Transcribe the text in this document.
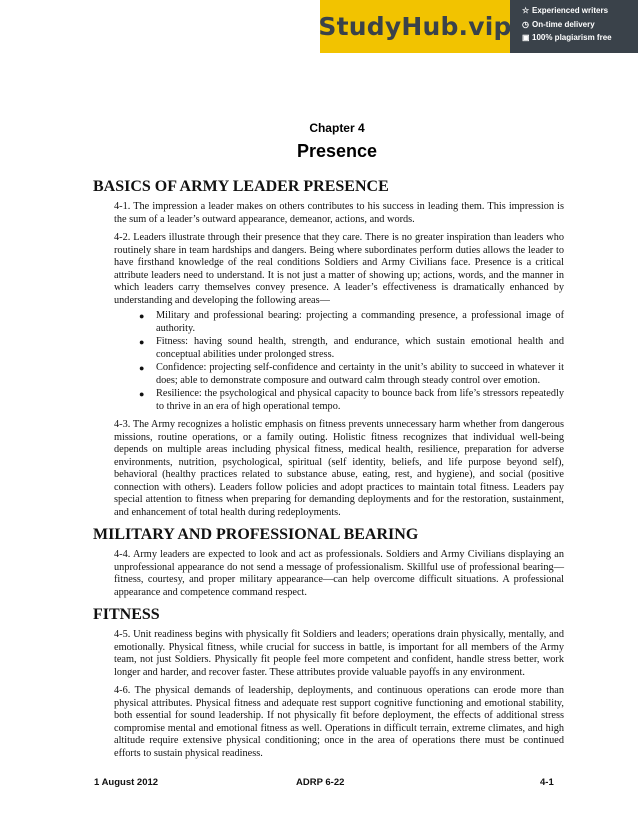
StudyHub.vip
☆ Experienced writers
◷ On-time delivery
▣ 100% plagiarism free
Chapter 4
Presence
BASICS OF ARMY LEADER PRESENCE

4-1. The impression a leader makes on others contributes to his success in leading them. This impression is the sum of a leader’s outward appearance, demeanor, actions, and words.

4-2. Leaders illustrate through their presence that they care. There is no greater inspiration than leaders who routinely share in team hardships and dangers. Being where subordinates perform duties allows the leader to have firsthand knowledge of the real conditions Soldiers and Army Civilians face. Presence is a critical attribute leaders need to understand. It is not just a matter of showing up; actions, words, and the manner in which leaders carry themselves convey presence. A leader’s effectiveness is dramatically enhanced by understanding and developing the following areas—

● Military and professional bearing: projecting a commanding presence, a professional image of authority.
● Fitness: having sound health, strength, and endurance, which sustain emotional health and conceptual abilities under prolonged stress.
● Confidence: projecting self-confidence and certainty in the unit’s ability to succeed in whatever it does; able to demonstrate composure and outward calm through steady control over emotion.
● Resilience: the psychological and physical capacity to bounce back from life’s stressors repeatedly to thrive in an era of high operational tempo.

4-3. The Army recognizes a holistic emphasis on fitness prevents unnecessary harm whether from dangerous missions, routine operations, or a family outing. Holistic fitness recognizes that individual well-being depends on multiple areas including physical fitness, medical health, resilience, preparation for adverse environments, nutrition, psychological, spiritual (self identity, beliefs, and life purpose beyond self), behavioral (healthy practices related to substance abuse, eating, rest, and hygiene), and social (positive connection with others). Leaders follow policies and adopt practices to maintain total fitness. Leaders pay special attention to fitness when preparing for demanding deployments and for the restoration, sustainment, and enhancement of total health during redeployments.

MILITARY AND PROFESSIONAL BEARING

4-4. Army leaders are expected to look and act as professionals. Soldiers and Army Civilians displaying an unprofessional appearance do not send a message of professionalism. Skillful use of professional bearing—fitness, courtesy, and proper military appearance—can help overcome difficult situations. A professional appearance and competence command respect.

FITNESS

4-5. Unit readiness begins with physically fit Soldiers and leaders; operations drain physically, mentally, and emotionally. Physical fitness, while crucial for success in battle, is important for all members of the Army team, not just Soldiers. Physically fit people feel more competent and confident, handle stress better, work longer and harder, and recover faster. These attributes provide valuable payoffs in any environment.

4-6. The physical demands of leadership, deployments, and continuous operations can erode more than physical attributes. Physical fitness and adequate rest support cognitive functioning and emotional stability, both essential for sound leadership. If not physically fit before deployment, the effects of additional stress compromise mental and emotional fitness as well. Operations in difficult terrain, extreme climates, and high altitude require extensive physical conditioning; once in the area of operations there must be continued efforts to sustain physical readiness.

1 August 2012	ADRP 6-22	4-1
